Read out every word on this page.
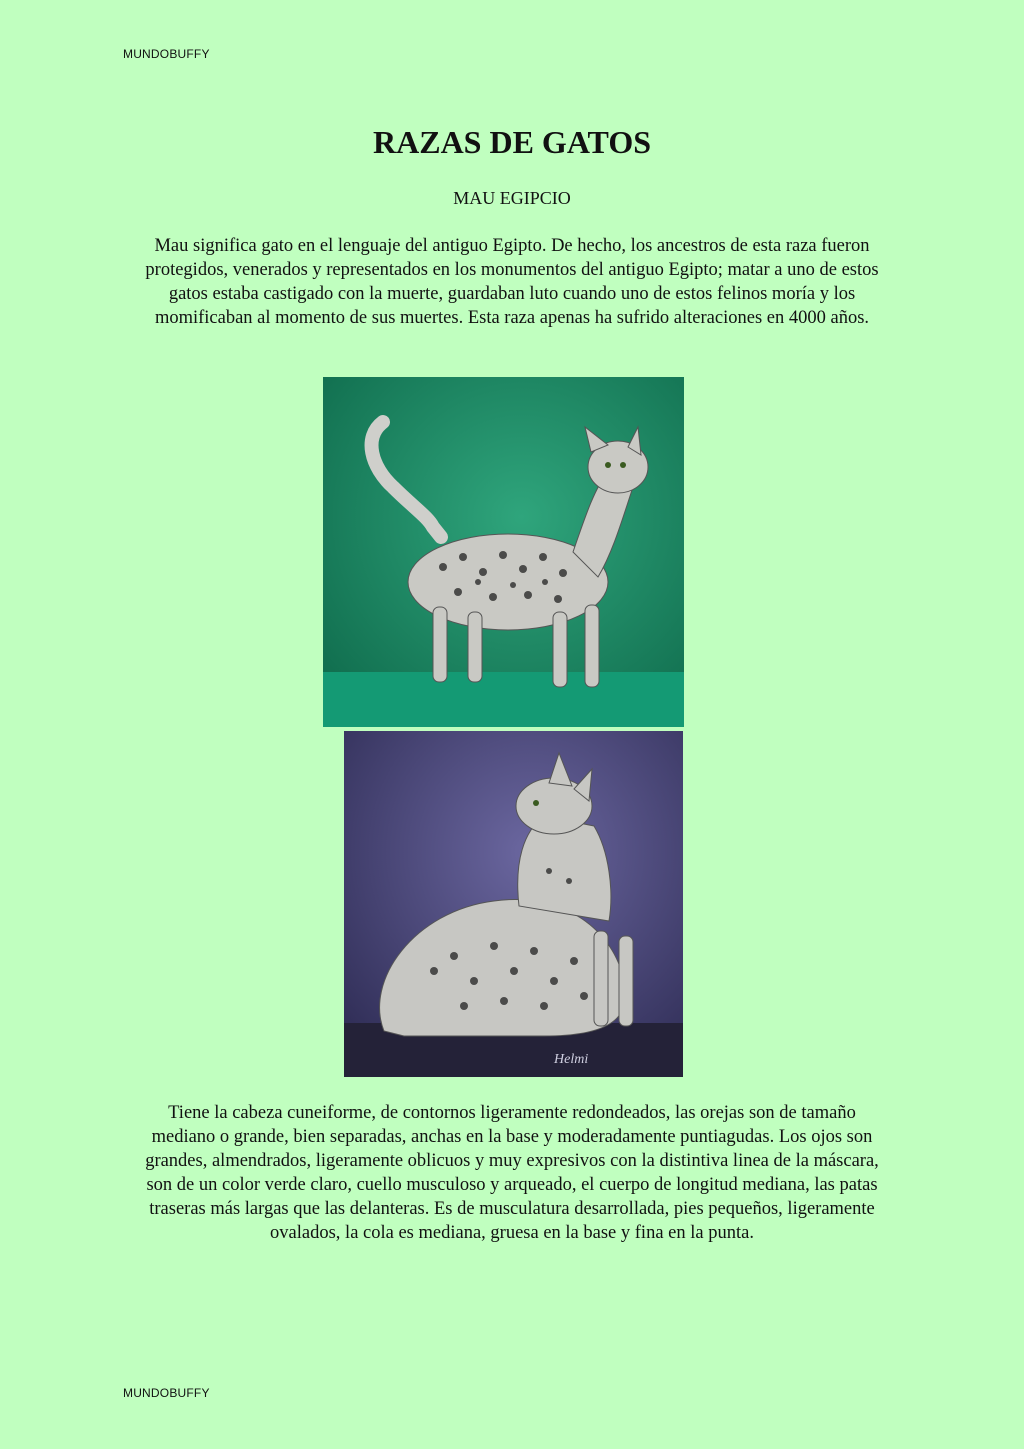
MUNDOBUFFY
RAZAS DE GATOS
MAU EGIPCIO
Mau significa gato en el lenguaje del antiguo Egipto. De hecho, los ancestros de esta raza fueron protegidos, venerados y representados en los monumentos del antiguo Egipto; matar a uno de estos gatos estaba castigado con la muerte, guardaban luto cuando uno de estos felinos moría y los momificaban al momento de sus muertes. Esta raza apenas ha sufrido alteraciones en 4000 años.
Helmi
Tiene la cabeza cuneiforme, de contornos ligeramente redondeados, las orejas son de tamaño mediano o grande, bien separadas, anchas en la base y moderadamente puntiagudas. Los ojos son grandes, almendrados, ligeramente oblicuos y muy expresivos con la distintiva linea de la máscara, son de un color verde claro, cuello musculoso y arqueado, el cuerpo de longitud mediana, las patas traseras más largas que las delanteras. Es de musculatura desarrollada, pies pequeños, ligeramente ovalados, la cola es mediana, gruesa en la base y fina en la punta.
MUNDOBUFFY
